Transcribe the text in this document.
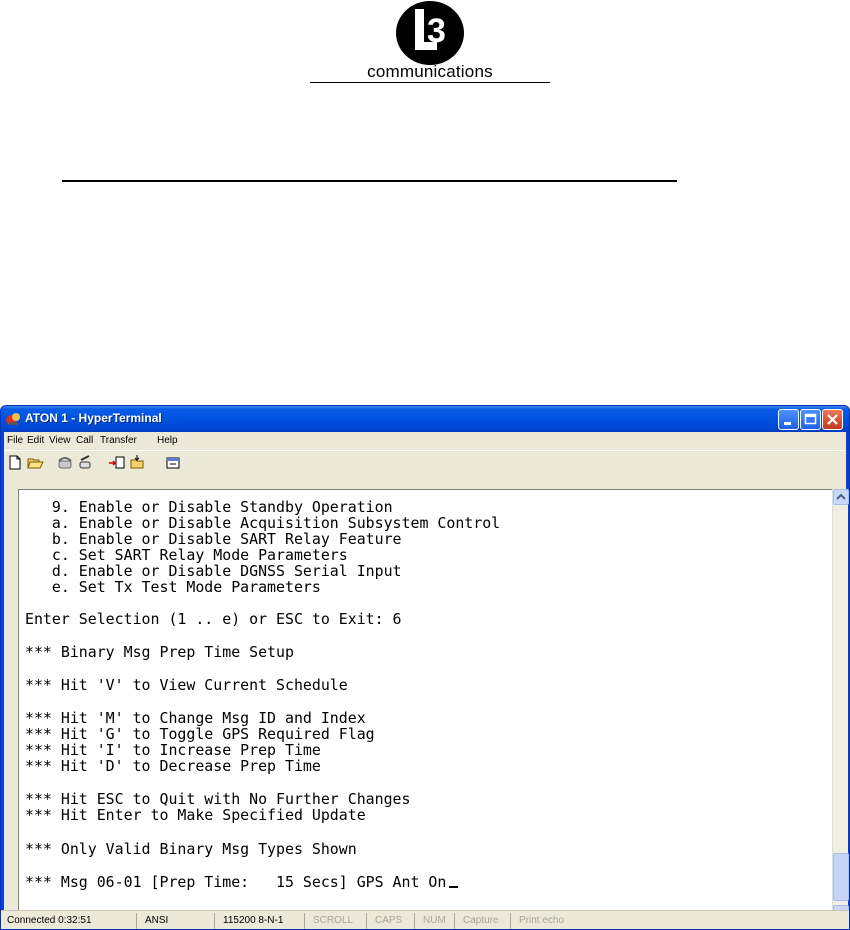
3
communications
ATON 1 - HyperTerminal
File Edit View Call Transfer Help
9. Enable or Disable Standby Operation
a. Enable or Disable Acquisition Subsystem Control
b. Enable or Disable SART Relay Feature
c. Set SART Relay Mode Parameters
d. Enable or Disable DGNSS Serial Input
e. Set Tx Test Mode Parameters
Enter Selection (1 .. e) or ESC to Exit: 6
*** Binary Msg Prep Time Setup
*** Hit 'V' to View Current Schedule
*** Hit 'M' to Change Msg ID and Index
*** Hit 'G' to Toggle GPS Required Flag
*** Hit 'I' to Increase Prep Time
*** Hit 'D' to Decrease Prep Time
*** Hit ESC to Quit with No Further Changes
*** Hit Enter to Make Specified Update
*** Only Valid Binary Msg Types Shown
*** Msg 06-01 [Prep Time:   15 Secs] GPS Ant On
Connected 0:32:51	ANSI	115200 8-N-1	SCROLL	CAPS	NUM	Capture	Print echo
